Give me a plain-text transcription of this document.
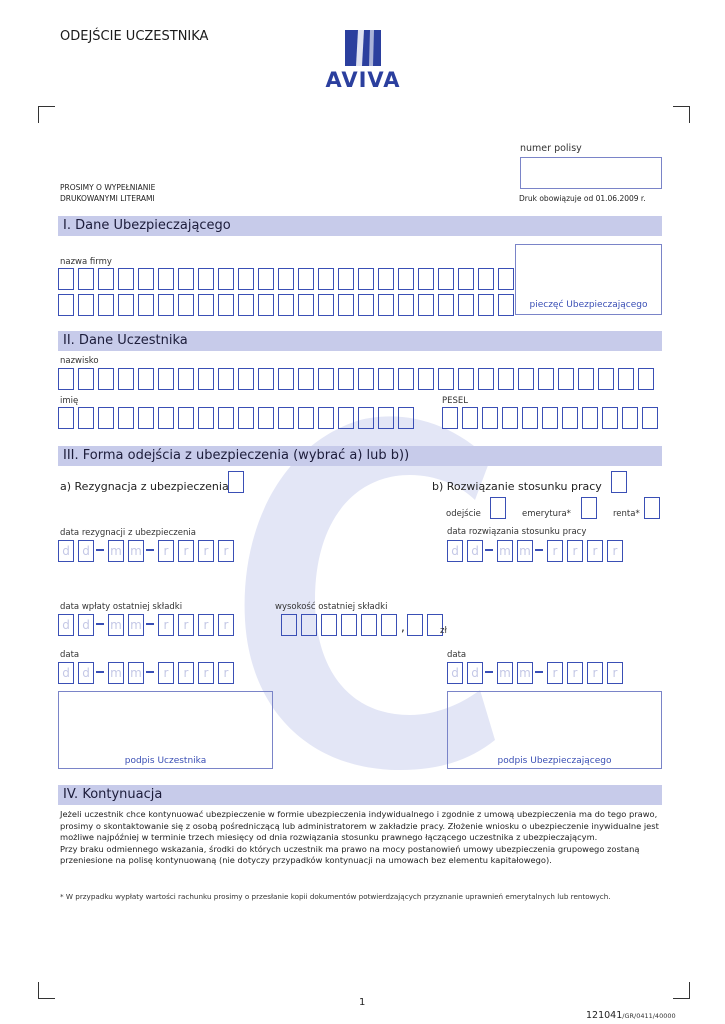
ODEJŚCIE UCZESTNIKA
AVIVA
numer polisy
PROSIMY O WYPEŁNIANIE
DRUKOWANYMI LITERAMI	Druk obowiązuje od 01.06.2009 r.
I. Dane Ubezpieczającego
nazwa firmy
pieczęć Ubezpieczającego
II. Dane Uczestnika
nazwisko
imię	PESEL
III. Forma odejścia z ubezpieczenia (wybrać a) lub b))
a) Rezygnacja z ubezpieczenia	b) Rozwiązanie stosunku pracy
odejście	emerytura*	renta*
data rezygnacji z ubezpieczenia
d	d	m m	r	r	r	r
data rozwiązania stosunku pracy
d	d	m m	r	r	r	r
data wpłaty ostatniej składki
d	d	m m	r	r	r	r
wysokość ostatniej składki
,	zł
data
d	d	m m	r	r	r	r
data
d	d	m m	r	r	r	r
podpis Uczestnika	podpis Ubezpieczającego
IV. Kontynuacja
Jeżeli uczestnik chce kontynuować ubezpieczenie w formie ubezpieczenia indywidualnego i zgodnie z umową ubezpieczenia ma do tego prawo,
prosimy o skontaktowanie się z osobą pośredniczącą lub administratorem w zakładzie pracy. Złożenie wniosku o ubezpieczenie inywidualne jest
możliwe najpóźniej w terminie trzech miesięcy od dnia rozwiązania stosunku prawnego łączącego uczestnika z ubezpieczającym.
Przy braku odmiennego wskazania, środki do których uczestnik ma prawo na mocy postanowień umowy ubezpieczenia grupowego zostaną
przeniesione na polisę kontynuowaną (nie dotyczy przypadków kontynuacji na umowach bez elementu kapitałowego).
* W przypadku wypłaty wartości rachunku prosimy o przesłanie kopii dokumentów potwierdzających przyznanie uprawnień emerytalnych lub rentowych.
1
121041/GR/0411/40000
